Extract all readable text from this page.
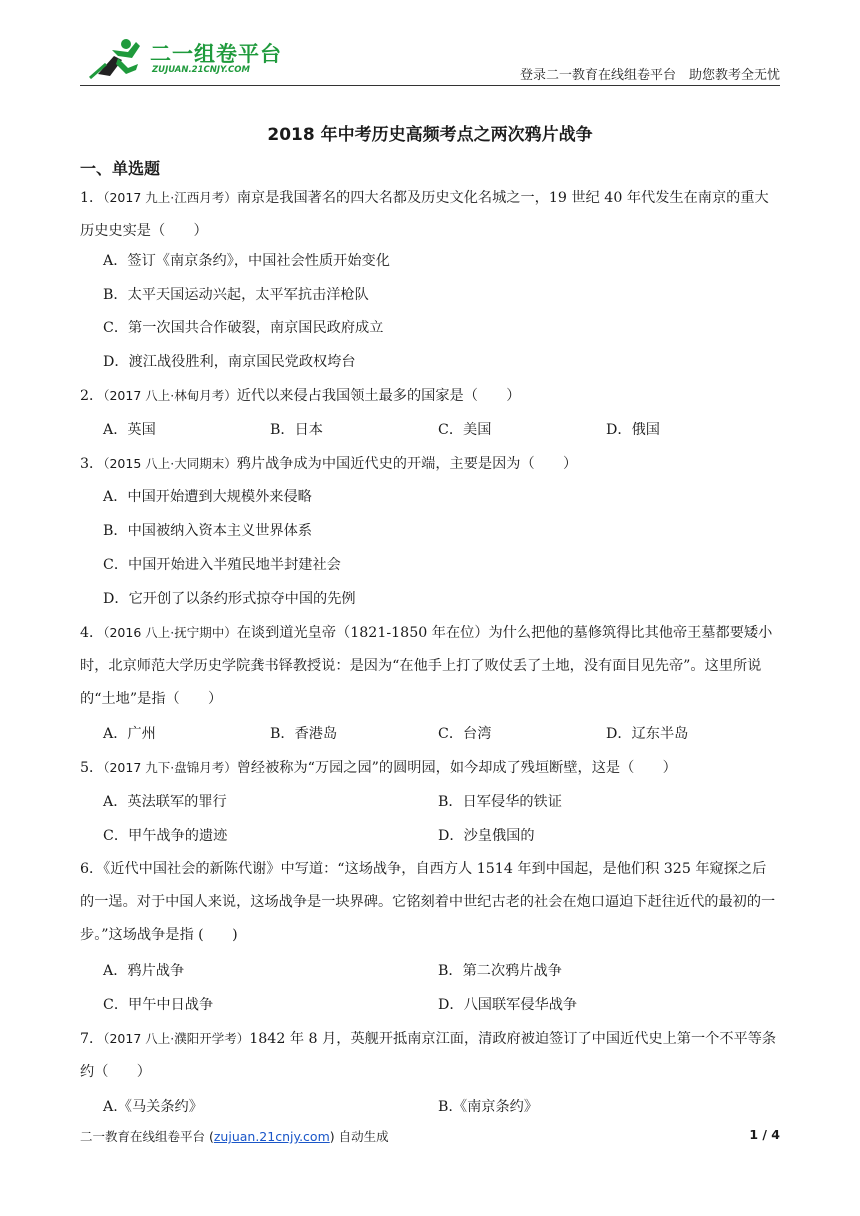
二一组卷平台
ZUJUAN.21CNJY.COM	登录二一教育在线组卷平台　助您教考全无忧
2018 年中考历史高频考点之两次鸦片战争
一、单选题
1．（2017 九上·江西月考）南京是我国著名的四大名都及历史文化名城之一，19 世纪 40 年代发生在南京的重大历史史实是（　　）
A．签订《南京条约》，中国社会性质开始变化
B．太平天国运动兴起，太平军抗击洋枪队
C．第一次国共合作破裂，南京国民政府成立
D．渡江战役胜利，南京国民党政权垮台
2．（2017 八上·林甸月考）近代以来侵占我国领土最多的国家是（　　）
A．英国	B．日本	C．美国	D．俄国
3．（2015 八上·大同期末）鸦片战争成为中国近代史的开端，主要是因为（　　）
A．中国开始遭到大规模外来侵略
B．中国被纳入资本主义世界体系
C．中国开始进入半殖民地半封建社会
D．它开创了以条约形式掠夺中国的先例
4．（2016 八上·抚宁期中）在谈到道光皇帝（1821-1850 年在位）为什么把他的墓修筑得比其他帝王墓都要矮小时，北京师范大学历史学院龚书铎教授说：是因为“在他手上打了败仗丢了土地，没有面目见先帝”。这里所说的“土地”是指（　　）
A．广州	B．香港岛	C．台湾	D．辽东半岛
5．（2017 九下·盘锦月考）曾经被称为“万园之园”的圆明园，如今却成了残垣断壁，这是（　　）
A．英法联军的罪行	B．日军侵华的铁证
C．甲午战争的遗迹	D．沙皇俄国的
6．《近代中国社会的新陈代谢》中写道：“这场战争，自西方人 1514 年到中国起，是他们积 325 年窥探之后的一逞。对于中国人来说，这场战争是一块界碑。它铭刻着中世纪古老的社会在炮口逼迫下赶往近代的最初的一步。”这场战争是指 (　　)
A．鸦片战争	B．第二次鸦片战争
C．甲午中日战争	D．八国联军侵华战争
7．（2017 八上·濮阳开学考）1842 年 8 月，英舰开抵南京江面，清政府被迫签订了中国近代史上第一个不平等条约（　　）
A.《马关条约》	B.《南京条约》
二一教育在线组卷平台 (zujuan.21cnjy.com) 自动生成	1 / 4
